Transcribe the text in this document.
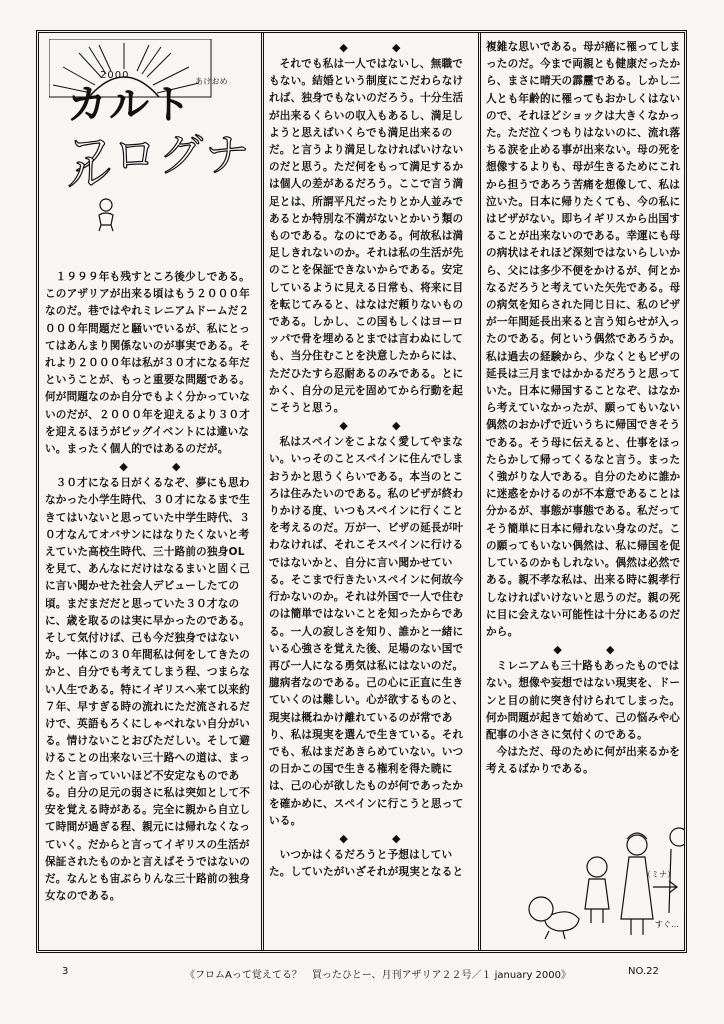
2000
あけおめ
カルト
フログナル

１９９９年も残すところ後少しである。このアザリアが出来る頃はもう２０００年なのだ。巷ではやれミレニアムドームだ２０００年問題だと騒いでいるが、私にとってはあんまり関係ないのが事実である。それより２０００年は私が３０才になる年だということが、もっと重要な問題である。何が問題なのか自分でもよく分かっていないのだが、２０００年を迎えるより３０才を迎えるほうがビッグイベントには違いない。まったく個人的ではあるのだが。

◆ ◆

３０才になる日がくるなぞ、夢にも思わなかった小学生時代、３０才になるまで生きてはいないと思っていた中学生時代、３０才なんてオバサンにはなりたくないと考えていた高校生時代、三十路前の独身OLを見て、あんなにだけはなるまいと固く己に言い聞かせた社会人デビューしたての頃。まだまだだと思っていた３０才なのに、歳を取るのは実に早かったのである。そして気付けば、己も今だ独身ではないか。一体この３０年間私は何をしてきたのかと、自分でも考えてしまう程、つまらない人生である。特にイギリスへ来て以来約７年、早すぎる時の流れにただ流されるだけで、英語もろくにしゃべれない自分がいる。情けないことおびただしい。そして避けることの出来ない三十路への道は、まったくと言っていいほど不安定なものである。自分の足元の弱さに私は突如として不安を覚える時がある。完全に親から自立して時間が過ぎる程、親元には帰れなくなっていく。だからと言ってイギリスの生活が保証されたものかと言えばそうではないのだ。なんとも宙ぶらりんな三十路前の独身女なのである。

◆ ◆

それでも私は一人ではないし、無職でもない。結婚という制度にこだわらなければ、独身でもないのだろう。十分生活が出来るくらいの収入もあるし、満足しようと思えばいくらでも満足出来るのだ。と言うより満足しなければいけないのだと思う。ただ何をもって満足するかは個人の差があるだろう。ここで言う満足とは、所謂平凡だったりとか人並みであるとか特別な不満がないとかいう類のものである。なのにである。何故私は満足しきれないのか。それは私の生活が先のことを保証できないからである。安定しているように見える日常も、将来に目を転じてみると、はなはだ頼りないものである。しかし、この国もしくはヨーロッパで骨を埋めるとまでは言わぬにしても、当分住むことを決意したからには、ただひたすら忍耐あるのみである。とにかく、自分の足元を固めてから行動を起こそうと思う。

◆ ◆

私はスペインをこよなく愛してやまない。いっそのことスペインに住んでしまおうかと思うくらいである。本当のところは住みたいのである。私のビザが終わりかける度、いつもスペインに行くことを考えるのだ。万が一、ビザの延長が叶わなければ、それこそスペインに行けるではないかと、自分に言い聞かせている。そこまで行きたいスペインに何故今行かないのか。それは外国で一人で住むのは簡単ではないことを知ったからである。一人の寂しさを知り、誰かと一緒にいる心強さを覚えた後、足場のない国で再び一人になる勇気は私にはないのだ。臆病者なのである。己の心に正直に生きていくのは難しい。心が欲するものと、現実は概ねかけ離れているのが常であり、私は現実を選んで生きている。それでも、私はまだあきらめていない。いつの日かこの国で生きる権利を得た暁には、己の心が欲したものが何であったかを確かめに、スペインに行こうと思っている。

◆ ◆

いつかはくるだろうと予想はしていた。していたがいざそれが現実となると

複雑な思いである。母が癌に罹ってしまったのだ。今まで両親とも健康だったから、まさに晴天の霹靂である。しかし二人とも年齢的に罹ってもおかしくはないので、それほどショックは大きくなかった。ただ泣くつもりはないのに、流れ落ちる涙を止める事が出来ない。母の死を想像するよりも、母が生きるためにこれから担うであろう苦痛を想像して、私は泣いた。日本に帰りたくても、今の私にはビザがない。即ちイギリスから出国することが出来ないのである。幸運にも母の病状はそれほど深刻ではないらしいから、父には多少不便をかけるが、何とかなるだろうと考えていた矢先である。母の病気を知らされた同じ日に、私のビザが一年間延長出来ると言う知らせが入ったのである。何という偶然であろうか。私は過去の経験から、少なくともビザの延長は三月まではかかるだろうと思っていた。日本に帰国することなぞ、はなから考えていなかったが、願ってもいない偶然のおかげで近いうちに帰国できそうである。そう母に伝えると、仕事をほったらかして帰ってくるなと言う。まったく強がりな人である。自分のために誰かに迷惑をかけるのが不本意であることは分かるが、事態が事態である。私だってそう簡単に日本に帰れない身なのだ。この願ってもいない偶然は、私に帰国を促しているのかもしれない。偶然は必然である。親不孝な私は、出来る時に親孝行しなければいけないと思うのだ。親の死に目に会えない可能性は十分にあるのだから。

◆ ◆

ミレニアムも三十路もあったものではない。想像や妄想ではない現実を、ドーンと目の前に突き付けられてしまった。何か問題が起きて始めて、己の悩みや心配事の小ささに気付くのである。

今はただ、母のために何が出来るかを考えるばかりである。

（ミナ）
すぐ…
3	《フロムAって覚えてる？　買ったひとー、月刊アザリア２２号／１ january 2000》	NO.22
